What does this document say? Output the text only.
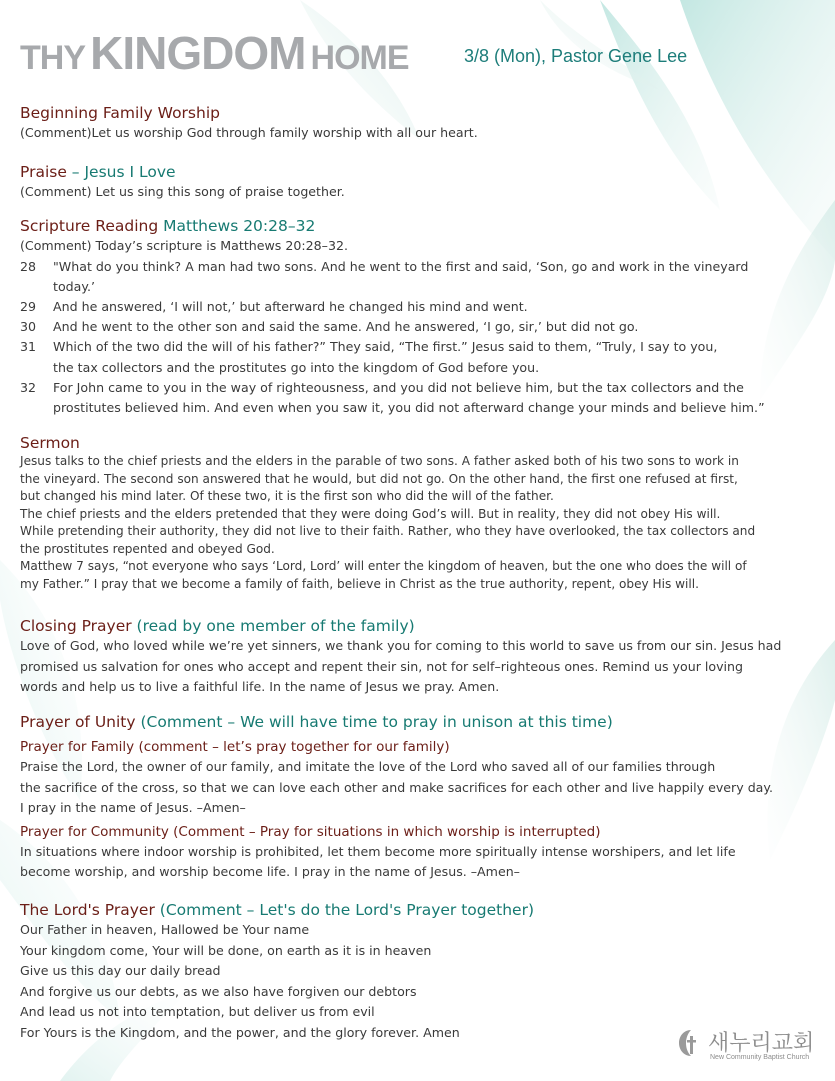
THY KINGDOM HOME	3/8 (Mon), Pastor Gene Lee
Beginning Family Worship
(Comment)Let us worship God through family worship with all our heart.
Praise – Jesus I Love
(Comment) Let us sing this song of praise together.
Scripture Reading Matthews 20:28–32
(Comment) Today’s scripture is Matthews 20:28–32.
28 "What do you think? A man had two sons. And he went to the first and said, ‘Son, go and work in the vineyard
today.’
29 And he answered, ‘I will not,’ but afterward he changed his mind and went.
30 And he went to the other son and said the same. And he answered, ‘I go, sir,’ but did not go.
31 Which of the two did the will of his father?” They said, “The first.” Jesus said to them, “Truly, I say to you,
the tax collectors and the prostitutes go into the kingdom of God before you.
32 For John came to you in the way of righteousness, and you did not believe him, but the tax collectors and the
prostitutes believed him. And even when you saw it, you did not afterward change your minds and believe him.”
Sermon
Jesus talks to the chief priests and the elders in the parable of two sons. A father asked both of his two sons to work in
the vineyard. The second son answered that he would, but did not go. On the other hand, the first one refused at first,
but changed his mind later. Of these two, it is the first son who did the will of the father.
The chief priests and the elders pretended that they were doing God’s will. But in reality, they did not obey His will.
While pretending their authority, they did not live to their faith. Rather, who they have overlooked, the tax collectors and
the prostitutes repented and obeyed God.
Matthew 7 says, “not everyone who says ‘Lord, Lord’ will enter the kingdom of heaven, but the one who does the will of
my Father.” I pray that we become a family of faith, believe in Christ as the true authority, repent, obey His will.
Closing Prayer (read by one member of the family)
Love of God, who loved while we’re yet sinners, we thank you for coming to this world to save us from our sin. Jesus had
promised us salvation for ones who accept and repent their sin, not for self–righteous ones. Remind us your loving
words and help us to live a faithful life. In the name of Jesus we pray. Amen.
Prayer of Unity (Comment – We will have time to pray in unison at this time)
Prayer for Family (comment – let’s pray together for our family)
Praise the Lord, the owner of our family, and imitate the love of the Lord who saved all of our families through
the sacrifice of the cross, so that we can love each other and make sacrifices for each other and live happily every day.
I pray in the name of Jesus. –Amen–
Prayer for Community (Comment – Pray for situations in which worship is interrupted)
In situations where indoor worship is prohibited, let them become more spiritually intense worshipers, and let life
become worship, and worship become life. I pray in the name of Jesus. –Amen–
The Lord's Prayer (Comment – Let's do the Lord's Prayer together)
Our Father in heaven, Hallowed be Your name
Your kingdom come, Your will be done, on earth as it is in heaven
Give us this day our daily bread
And forgive us our debts, as we also have forgiven our debtors
And lead us not into temptation, but deliver us from evil
For Yours is the Kingdom, and the power, and the glory forever. Amen	새누리교회
New Community Baptist Church
